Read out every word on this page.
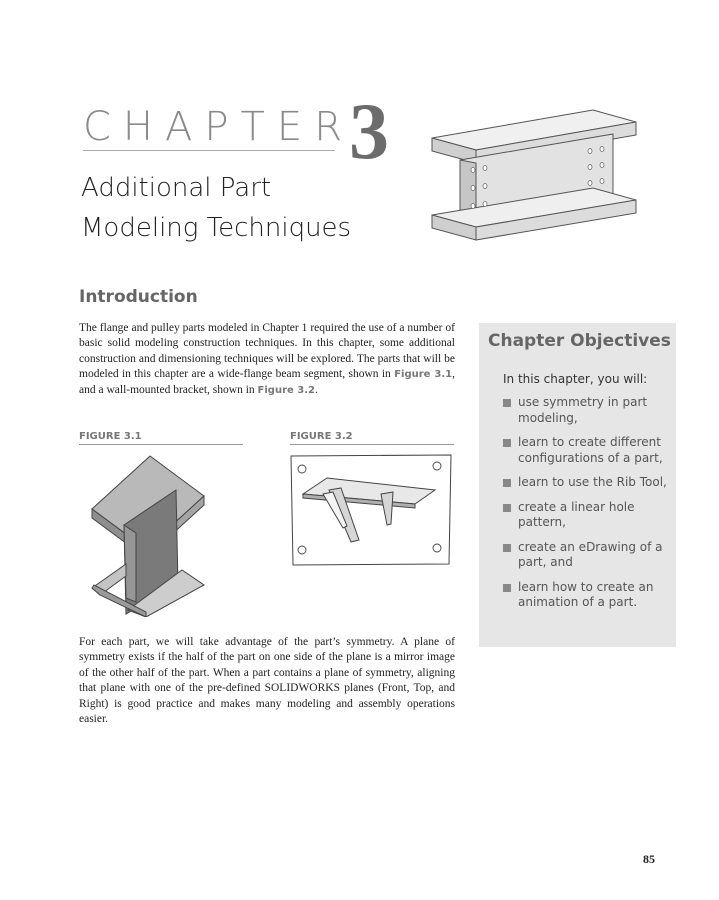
CHAPTER
3
Additional Part
Modeling Techniques
Introduction
The flange and pulley parts modeled in Chapter 1 required the use of a number of basic solid modeling construction techniques. In this chapter, some additional construction and dimensioning techniques will be explored. The parts that will be modeled in this chapter are a wide-flange beam segment, shown in Figure 3.1, and a wall-mounted bracket, shown in Figure 3.2.
FIGURE 3.1	FIGURE 3.2
For each part, we will take advantage of the part’s symmetry. A plane of symmetry exists if the half of the part on one side of the plane is a mirror image of the other half of the part. When a part contains a plane of symmetry, aligning that plane with one of the pre-defined SOLIDWORKS planes (Front, Top, and Right) is good practice and makes many modeling and assembly operations easier.
Chapter Objectives
In this chapter, you will:
use symmetry in part modeling,
learn to create different configurations of a part,
learn to use the Rib Tool,
create a linear hole pattern,
create an eDrawing of a part, and
learn how to create an animation of a part.
85
